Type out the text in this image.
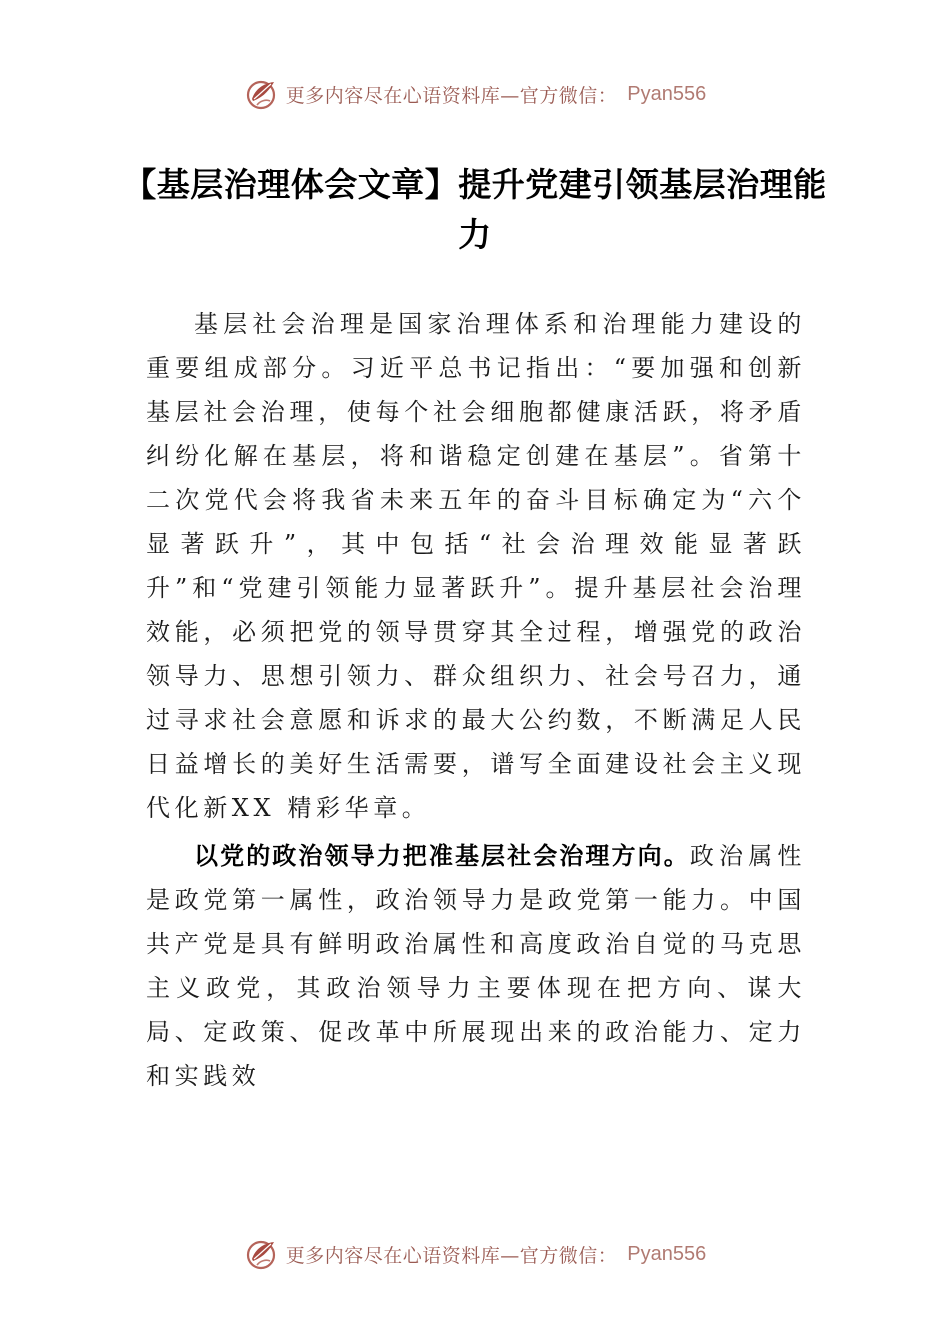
更多内容尽在心语资料库—官方微信： Pyan556
【基层治理体会文章】提升党建引领基层治理能力

基层社会治理是国家治理体系和治理能力建设的重要组成部分。习近平总书记指出：“要加强和创新基层社会治理，使每个社会细胞都健康活跃，将矛盾纠纷化解在基层，将和谐稳定创建在基层”。省第十二次党代会将我省未来五年的奋斗目标确定为“六个显著跃升”，其中包括“社会治理效能显著跃升”和“党建引领能力显著跃升”。提升基层社会治理效能，必须把党的领导贯穿其全过程，增强党的政治领导力、思想引领力、群众组织力、社会号召力，通过寻求社会意愿和诉求的最大公约数，不断满足人民日益增长的美好生活需要，谱写全面建设社会主义现代化新XX 精彩华章。

以党的政治领导力把准基层社会治理方向。政治属性是政党第一属性，政治领导力是政党第一能力。中国共产党是具有鲜明政治属性和高度政治自觉的马克思主义政党，其政治领导力主要体现在把方向、谋大局、定政策、促改革中所展现出来的政治能力、定力和实践效

更多内容尽在心语资料库—官方微信： Pyan556
